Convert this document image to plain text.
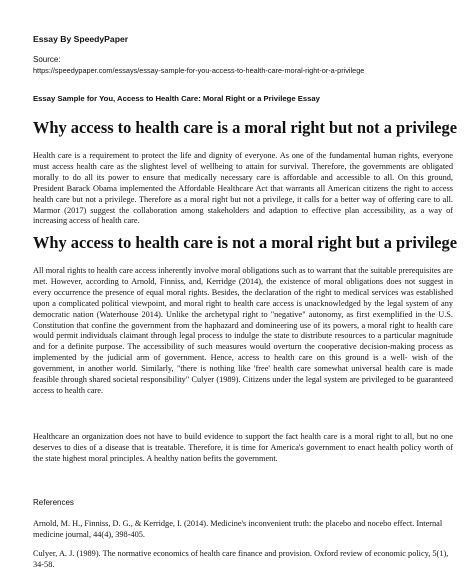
Essay By SpeedyPaper
Source:
https://speedypaper.com/essays/essay-sample-for-you-access-to-health-care-moral-right-or-a-privilege
Essay Sample for You, Access to Health Care: Moral Right or a Privilege Essay
Why access to health care is a moral right but not a privilege

Health care is a requirement to protect the life and dignity of everyone. As one of the fundamental human rights, everyone must access health care as the slightest level of wellbeing to attain for survival. Therefore, the governments are obligated morally to do all its power to ensure that medically necessary care is affordable and accessible to all. On this ground, President Barack Obama implemented the Affordable Healthcare Act that warrants all American citizens the right to access health care but not a privilege. Therefore as a moral right but not a privilege, it calls for a better way of offering care to all. Marmor (2017) suggest the collaboration among stakeholders and adaption to effective plan accessibility, as a way of increasing access of health care.

Why access to health care is not a moral right but a privilege

All moral rights to health care access inherently involve moral obligations such as to warrant that the suitable prerequisites are met. However, according to Arnold, Finniss, and, Kerridge (2014), the existence of moral obligations does not suggest in every occurrence the presence of equal moral rights. Besides, the declaration of the right to medical services was established upon a complicated political viewpoint, and moral right to health care access is unacknowledged by the legal system of any democratic nation (Waterhouse 2014). Unlike the archetypal right to "negative" autonomy, as first exemplified in the U.S. Constitution that confine the government from the haphazard and domineering use of its powers, a moral right to health care would permit individuals claimant through legal process to indulge the state to distribute resources to a particular magnitude and for a definite purpose. The accessibility of such measures would overturn the cooperative decision-making process as implemented by the judicial arm of government. Hence, access to health care on this ground is a well- wish of the government, in another world. Similarly, "there is nothing like 'free' health care somewhat universal health care is made feasible through shared societal responsibility" Culyer (1989). Citizens under the legal system are privileged to be guaranteed access to health care.

Healthcare an organization does not have to build evidence to support the fact health care is a moral right to all, but no one deserves to dies of a disease that is treatable. Therefore, it is time for America's government to enact health policy worth of the state highest moral principles. A healthy nation befits the government.

References

Arnold, M. H., Finniss, D. G., & Kerridge, I. (2014). Medicine's inconvenient truth: the placebo and nocebo effect. Internal medicine journal, 44(4), 398-405.

Culyer, A. J. (1989). The normative economics of health care finance and provision. Oxford review of economic policy, 5(1), 34-58.
